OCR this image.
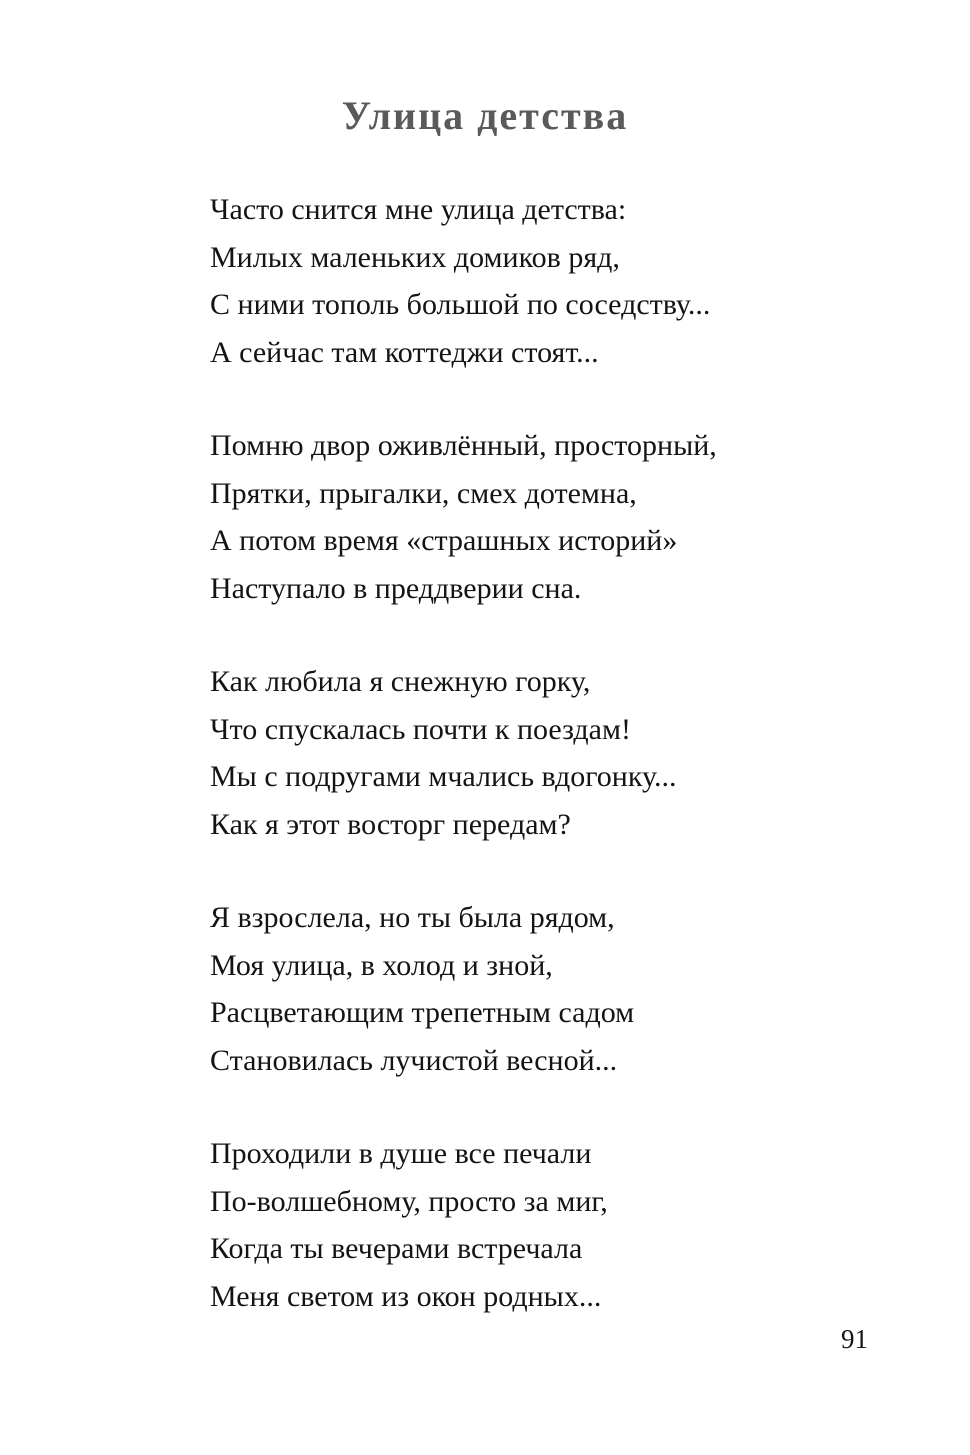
Улица детства
Часто снится мне улица детства:
Милых маленьких домиков ряд,
С ними тополь большой по соседству...
А сейчас там коттеджи стоят...
Помню двор оживлённый, просторный,
Прятки, прыгалки, смех дотемна,
А потом время «страшных историй»
Наступало в преддверии сна.
Как любила я снежную горку,
Что спускалась почти к поездам!
Мы с подругами мчались вдогонку...
Как я этот восторг передам?
Я взрослела, но ты была рядом,
Моя улица, в холод и зной,
Расцветающим трепетным садом
Становилась лучистой весной...
Проходили в душе все печали
По-волшебному, просто за миг,
Когда ты вечерами встречала
Меня светом из окон родных...
91
